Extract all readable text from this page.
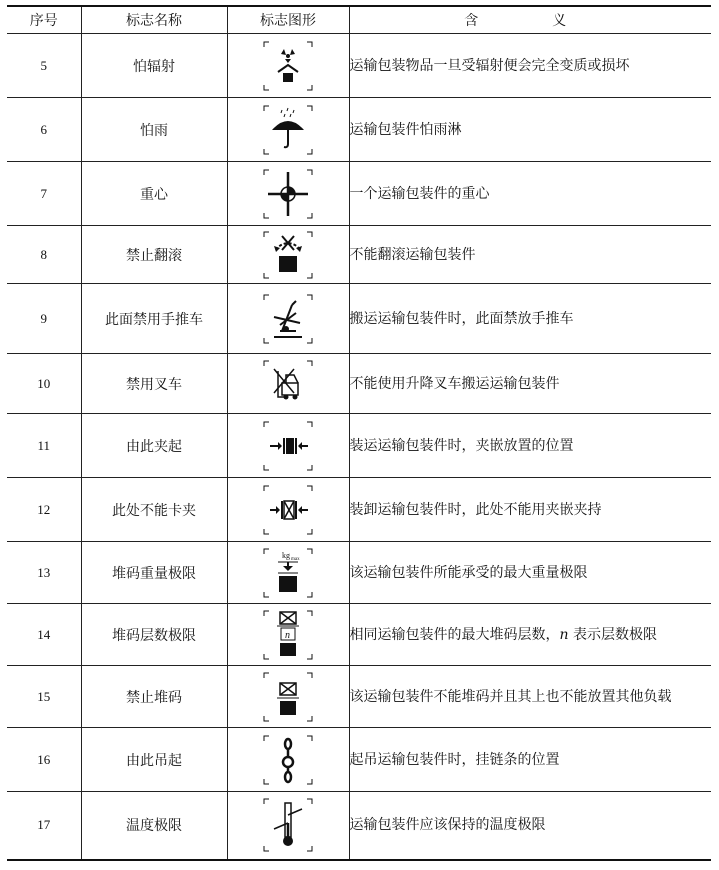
序号	标志名称	标志图形	含　义
5	怕辐射		运输包装物品一旦受辐射便会完全变质或损坏
6	怕雨		运输包装件怕雨淋
7	重心		一个运输包装件的重心
8	禁止翻滚		不能翻滚运输包装件
9	此面禁用手推车		搬运运输包装件时，此面禁放手推车
10	禁用叉车		不能使用升降叉车搬运运输包装件
11	由此夹起		装运运输包装件时，夹嵌放置的位置
12	此处不能卡夹		装卸运输包装件时，此处不能用夹嵌夹持
13	堆码重量极限	kg max	该运输包装件所能承受的最大重量极限
14	堆码层数极限	n	相同运输包装件的最大堆码层数，n 表示层数极限
15	禁止堆码		该运输包装件不能堆码并且其上也不能放置其他负载
16	由此吊起		起吊运输包装件时，挂链条的位置
17	温度极限		运输包装件应该保持的温度极限
